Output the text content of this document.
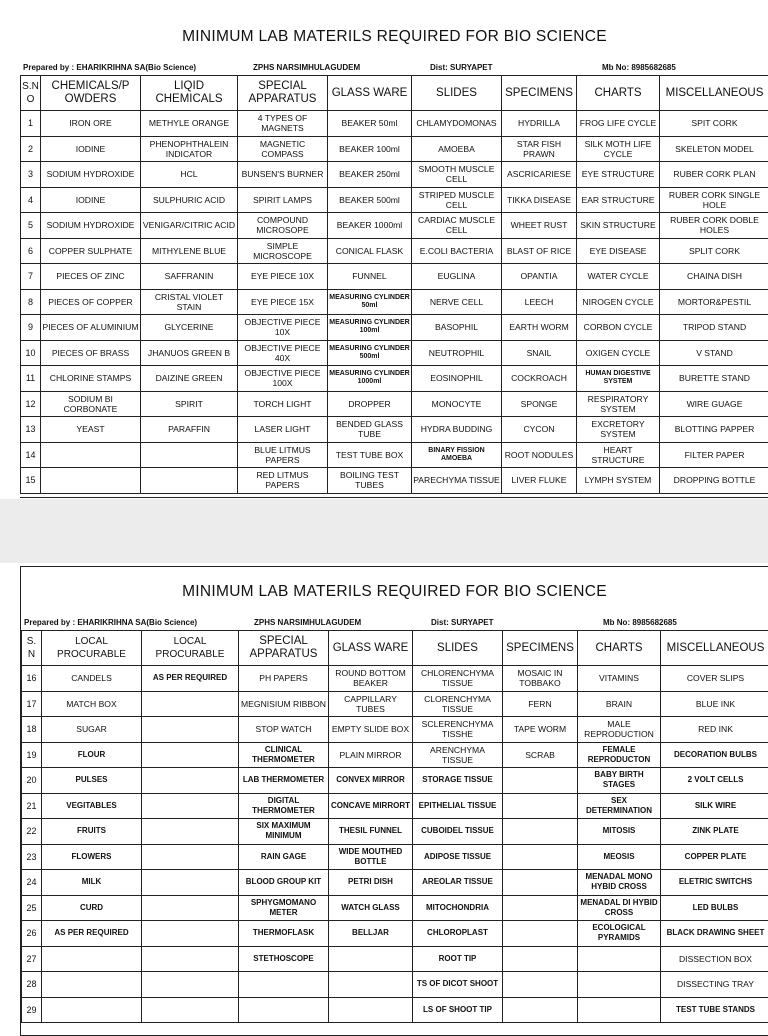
MINIMUM LAB MATERILS REQUIRED FOR BIO SCIENCE
Prepared by : EHARIKRIHNA SA(Bio Science)	ZPHS NARSIMHULAGUDEM	Dist: SURYAPET	Mb No: 8985682685
S.N O	CHEMICALS/P OWDERS	LIQID CHEMICALS	SPECIAL APPARATUS	GLASS WARE	SLIDES	SPECIMENS	CHARTS	MISCELLANEOUS
1	IRON ORE	METHYLE ORANGE	4 TYPES OF MAGNETS	BEAKER 50ml	CHLAMYDOMONAS	HYDRILLA	FROG LIFE CYCLE	SPIT CORK
2	IODINE	PHENOPHTHALEIN INDICATOR	MAGNETIC COMPASS	BEAKER 100ml	AMOEBA	STAR FISH PRAWN	SILK MOTH LIFE CYCLE	SKELETON MODEL
3	SODIUM HYDROXIDE	HCL	BUNSEN'S BURNER	BEAKER 250ml	SMOOTH MUSCLE CELL	ASCRICARIESE	EYE STRUCTURE	RUBER CORK PLAN
4	IODINE	SULPHURIC ACID	SPIRIT LAMPS	BEAKER 500ml	STRIPED MUSCLE CELL	TIKKA DISEASE	EAR STRUCTURE	RUBER CORK SINGLE HOLE
5	SODIUM HYDROXIDE	VENIGAR/CITRIC ACID	COMPOUND MICROSOPE	BEAKER 1000ml	CARDIAC MUSCLE CELL	WHEET RUST	SKIN STRUCTURE	RUBER CORK DOBLE HOLES
6	COPPER SULPHATE	MITHYLENE BLUE	SIMPLE MICROSCOPE	CONICAL FLASK	E.COLI BACTERIA	BLAST OF RICE	EYE DISEASE	SPLIT CORK
7	PIECES OF ZINC	SAFFRANIN	EYE PIECE 10X	FUNNEL	EUGLINA	OPANTIA	WATER CYCLE	CHAINA DISH
8	PIECES OF COPPER	CRISTAL VIOLET STAIN	EYE PIECE 15X	MEASURING CYLINDER 50ml	NERVE CELL	LEECH	NIROGEN CYCLE	MORTOR&PESTIL
9	PIECES OF ALUMINIUM	GLYCERINE	OBJECTIVE PIECE 10X	MEASURING CYLINDER 100ml	BASOPHIL	EARTH WORM	CORBON CYCLE	TRIPOD STAND
10	PIECES OF BRASS	JHANUOS GREEN B	OBJECTIVE PIECE 40X	MEASURING CYLINDER 500ml	NEUTROPHIL	SNAIL	OXIGEN CYCLE	V STAND
11	CHLORINE STAMPS	DAIZINE GREEN	OBJECTIVE PIECE 100X	MEASURING CYLINDER 1000ml	EOSINOPHIL	COCKROACH	HUMAN DIGESTIVE SYSTEM	BURETTE STAND
12	SODIUM BI CORBONATE	SPIRIT	TORCH LIGHT	DROPPER	MONOCYTE	SPONGE	RESPIRATORY SYSTEM	WIRE GUAGE
13	YEAST	PARAFFIN	LASER LIGHT	BENDED GLASS TUBE	HYDRA BUDDING	CYCON	EXCRETORY SYSTEM	BLOTTING PAPPER
14			BLUE LITMUS PAPERS	TEST TUBE BOX	BINARY FISSION AMOEBA	ROOT NODULES	HEART STRUCTURE	FILTER PAPER
15			RED LITMUS PAPERS	BOILING TEST TUBES	PARECHYMA TISSUE	LIVER FLUKE	LYMPH SYSTEM	DROPPING BOTTLE
MINIMUM LAB MATERILS REQUIRED FOR BIO SCIENCE
Prepared by : EHARIKRIHNA SA(Bio Science)	ZPHS NARSIMHULAGUDEM	Dist: SURYAPET	Mb No: 8985682685
S. N	LOCAL PROCURABLE	LOCAL PROCURABLE	SPECIAL APPARATUS	GLASS WARE	SLIDES	SPECIMENS	CHARTS	MISCELLANEOUS
16	CANDELS	AS PER REQUIRED	PH PAPERS	ROUND BOTTOM BEAKER	CHLORENCHYMA TISSUE	MOSAIC IN TOBBAKO	VITAMINS	COVER SLIPS
17	MATCH BOX		MEGNISIUM RIBBON	CAPPILLARY TUBES	CLORENCHYMA TISSUE	FERN	BRAIN	BLUE INK
18	SUGAR		STOP WATCH	EMPTY SLIDE BOX	SCLERENCHYMA TISSHE	TAPE WORM	MALE REPRODUCTION	RED INK
19	FLOUR		CLINICAL THERMOMETER	PLAIN MIRROR	ARENCHYMA TISSUE	SCRAB	FEMALE REPRODUCTON	DECORATION BULBS
20	PULSES		LAB THERMOMETER	CONVEX MIRROR	STORAGE TISSUE		BABY BIRTH STAGES	2 VOLT CELLS
21	VEGITABLES		DIGITAL THERMOMETER	CONCAVE MIRRORT	EPITHELIAL TISSUE		SEX DETERMINATION	SILK WIRE
22	FRUITS		SIX MAXIMUM MINIMUM	THESIL FUNNEL	CUBOIDEL TISSUE		MITOSIS	ZINK PLATE
23	FLOWERS		RAIN GAGE	WIDE MOUTHED BOTTLE	ADIPOSE TISSUE		MEOSIS	COPPER PLATE
24	MILK		BLOOD GROUP KIT	PETRI DISH	AREOLAR TISSUE		MENADAL MONO HYBID CROSS	ELETRIC SWITCHS
25	CURD		SPHYGMOMANO METER	WATCH GLASS	MITOCHONDRIA		MENADAL DI HYBID CROSS	LED BULBS
26	AS PER REQUIRED		THERMOFLASK	BELLJAR	CHLOROPLAST		ECOLOGICAL PYRAMIDS	BLACK DRAWING SHEET
27			STETHOSCOPE		ROOT TIP			DISSECTION BOX
28					TS OF DICOT SHOOT			DISSECTING TRAY
29					LS OF SHOOT TIP			TEST TUBE STANDS
